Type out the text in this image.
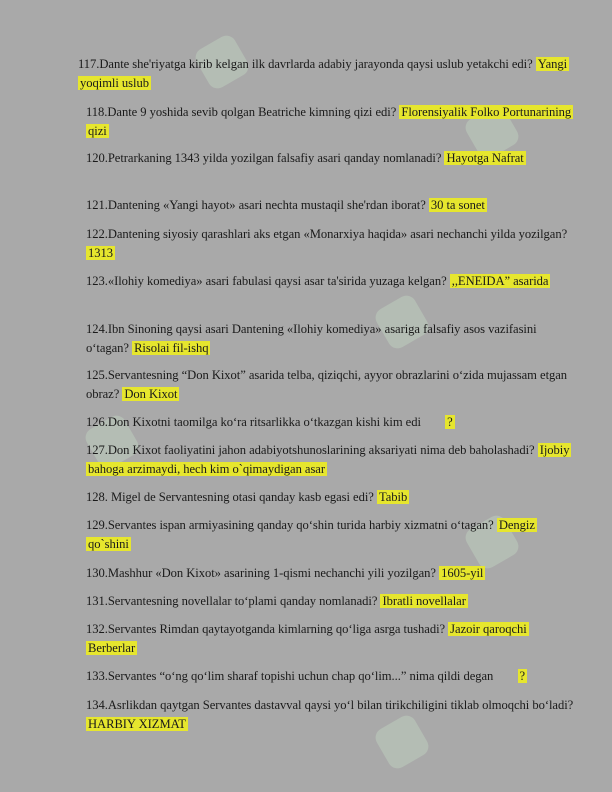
117.Dante she'riyatga kirib kelgan ilk davrlarda adabiy jarayonda qaysi uslub yetakchi edi? Yangi yoqimli uslub
118.Dante 9 yoshida sevib qolgan Beatriche kimning qizi edi? Florensiyalik Folko Portunarining qizi
120.Petrarkaning 1343 yilda yozilgan falsafiy asari qanday nomlanadi? Hayotga Nafrat
121.Dantening «Yangi hayot» asari nechta mustaqil she'rdan iborat? 30 ta sonet
122.Dantening siyosiy qarashlari aks etgan «Monarxiya haqida» asari nechanchi yilda yozilgan? 1313
123.«Ilohiy komediya» asari fabulasi qaysi asar ta'sirida yuzaga kelgan? ,,ENEIDA” asarida
124.Ibn Sinoning qaysi asari Dantening «Ilohiy komediya» asariga falsafiy asos vazifasini o‘tagan? Risolai fil-ishq
125.Servantesning “Don Kixot” asarida telba, qiziqchi, ayyor obrazlarini o‘zida mujassam etgan obraz? Don Kixot
126.Don Kixotni taomilga ko‘ra ritsarlikka o‘tkazgan kishi kim edi ?
127.Don Kixot faoliyatini jahon adabiyotshunoslarining aksariyati nima deb baholashadi? Ijobiy bahoga arzimaydi, hech kim o`qimaydigan asar
128. Migel de Servantesning otasi qanday kasb egasi edi? Tabib
129.Servantes ispan armiyasining qanday qo‘shin turida harbiy xizmatni o‘tagan? Dengiz qo`shini
130.Mashhur «Don Kixot» asarining 1-qismi nechanchi yili yozilgan? 1605-yil
131.Servantesning novellalar to‘plami qanday nomlanadi? Ibratli novellalar
132.Servantes Rimdan qaytayotganda kimlarning qo‘liga asrga tushadi? Jazoir qaroqchi Berberlar
133.Servantes “o‘ng qo‘lim sharaf topishi uchun chap qo‘lim...” nima qildi degan ?
134.Asrlikdan qaytgan Servantes dastavval qaysi yo‘l bilan tirikchiligini tiklab olmoqchi bo‘ladi? HARBIY XIZMAT
